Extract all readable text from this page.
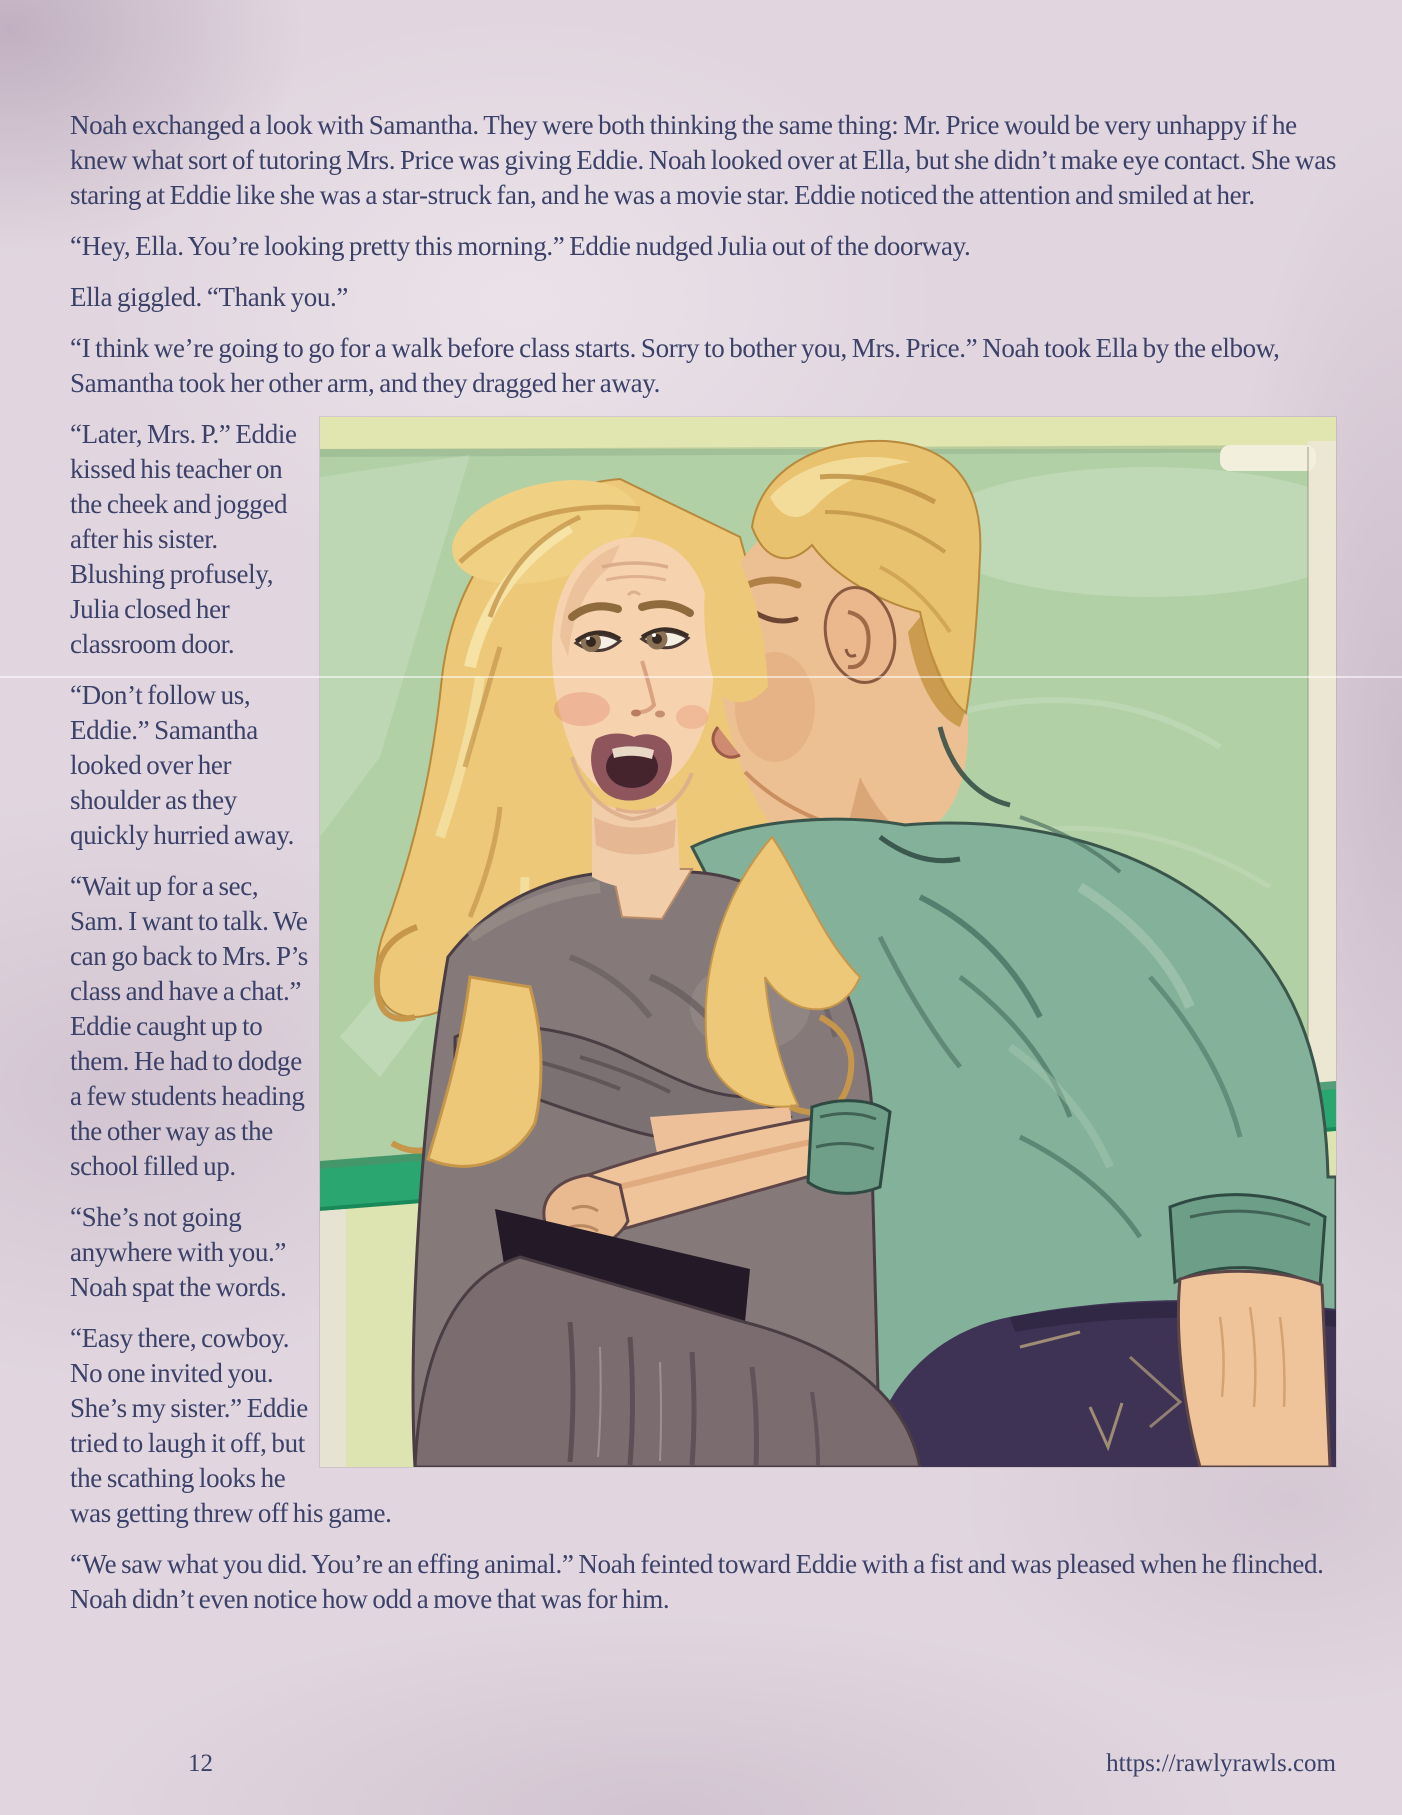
Noah exchanged a look with Samantha. They were both thinking the same thing: Mr. Price would be very unhappy if he knew what sort of tutoring Mrs. Price was giving Eddie. Noah looked over at Ella, but she didn’t make eye contact. She was staring at Eddie like she was a star-struck fan, and he was a movie star. Eddie noticed the attention and smiled at her.

“Hey, Ella. You’re looking pretty this morning.” Eddie nudged Julia out of the doorway.

Ella giggled. “Thank you.”

“I think we’re going to go for a walk before class starts. Sorry to bother you, Mrs. Price.” Noah took Ella by the elbow, Samantha took her other arm, and they dragged her away.

“Later, Mrs. P.” Eddie kissed his teacher on the cheek and jogged after his sister. Blushing profusely, Julia closed her classroom door.

“Don’t follow us, Eddie.” Samantha looked over her shoulder as they quickly hurried away.

“Wait up for a sec, Sam. I want to talk. We can go back to Mrs. P’s class and have a chat.” Eddie caught up to them. He had to dodge a few students heading the other way as the school filled up.

“She’s not going anywhere with you.” Noah spat the words.

“Easy there, cowboy. No one invited you. She’s my sister.” Eddie tried to laugh it off, but the scathing looks he was getting threw off his game.

“We saw what you did. You’re an effing animal.” Noah feinted toward Eddie with a fist and was pleased when he flinched. Noah didn’t even notice how odd a move that was for him.

12	https://rawlyrawls.com
